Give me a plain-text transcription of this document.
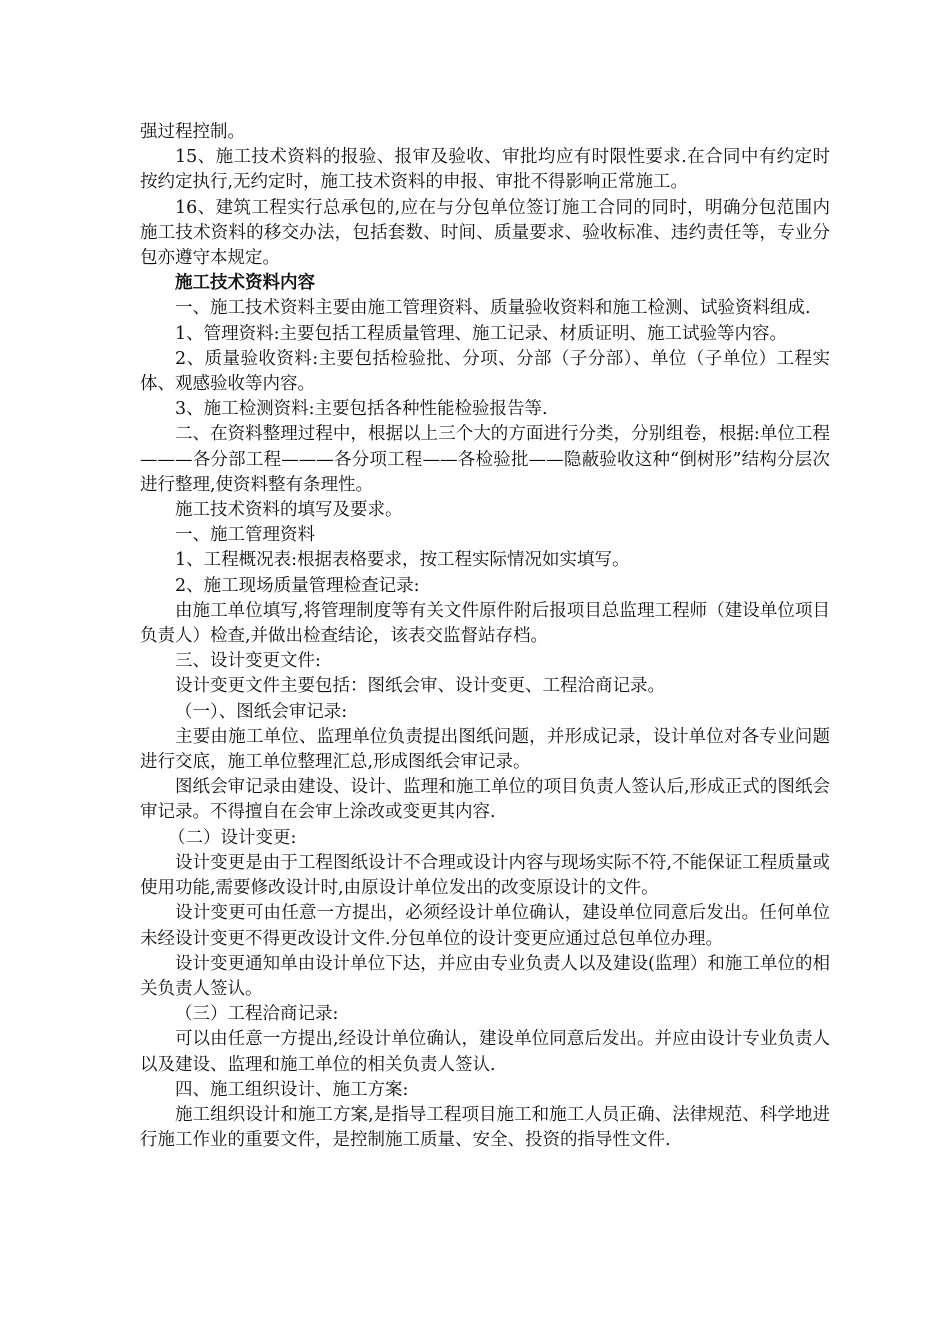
强过程控制。

15、施工技术资料的报验、报审及验收、审批均应有时限性要求.在合同中有约定时按约定执行,无约定时，施工技术资料的申报、审批不得影响正常施工。

16、建筑工程实行总承包的,应在与分包单位签订施工合同的同时，明确分包范围内施工技术资料的移交办法，包括套数、时间、质量要求、验收标准、违约责任等，专业分包亦遵守本规定。

施工技术资料内容

一、施工技术资料主要由施工管理资料、质量验收资料和施工检测、试验资料组成.

1、管理资料:主要包括工程质量管理、施工记录、材质证明、施工试验等内容。

2、质量验收资料:主要包括检验批、分项、分部（子分部）、单位（子单位）工程实体、观感验收等内容。

3、施工检测资料:主要包括各种性能检验报告等.

二、在资料整理过程中，根据以上三个大的方面进行分类，分别组卷，根据:单位工程———各分部工程———各分项工程——各检验批——隐蔽验收这种“倒树形”结构分层次进行整理,使资料整有条理性。

施工技术资料的填写及要求。

一、施工管理资料

1、工程概况表:根据表格要求，按工程实际情况如实填写。

2、施工现场质量管理检查记录:

由施工单位填写,将管理制度等有关文件原件附后报项目总监理工程师（建设单位项目负责人）检查,并做出检查结论，该表交监督站存档。

三、设计变更文件:

设计变更文件主要包括：图纸会审、设计变更、工程洽商记录。

（一）、图纸会审记录:

主要由施工单位、监理单位负责提出图纸问题，并形成记录，设计单位对各专业问题进行交底，施工单位整理汇总,形成图纸会审记录。

图纸会审记录由建设、设计、监理和施工单位的项目负责人签认后,形成正式的图纸会审记录。不得擅自在会审上涂改或变更其内容.

（二）设计变更:

设计变更是由于工程图纸设计不合理或设计内容与现场实际不符,不能保证工程质量或使用功能,需要修改设计时,由原设计单位发出的改变原设计的文件。

设计变更可由任意一方提出，必须经设计单位确认，建设单位同意后发出。任何单位未经设计变更不得更改设计文件.分包单位的设计变更应通过总包单位办理。

设计变更通知单由设计单位下达，并应由专业负责人以及建设(监理）和施工单位的相关负责人签认。

（三）工程洽商记录:

可以由任意一方提出,经设计单位确认，建设单位同意后发出。并应由设计专业负责人以及建设、监理和施工单位的相关负责人签认.

四、施工组织设计、施工方案:

施工组织设计和施工方案,是指导工程项目施工和施工人员正确、法律规范、科学地进行施工作业的重要文件，是控制施工质量、安全、投资的指导性文件.
